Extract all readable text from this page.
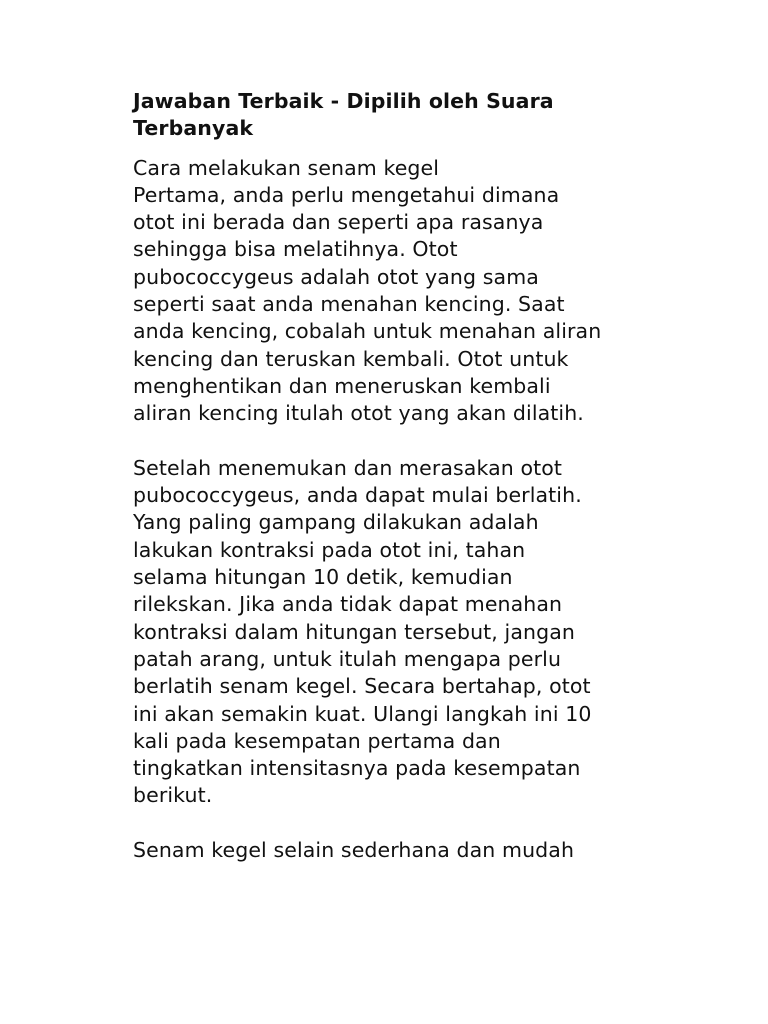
Jawaban Terbaik - Dipilih oleh Suara
Terbanyak
Cara melakukan senam kegel
Pertama, anda perlu mengetahui dimana
otot ini berada dan seperti apa rasanya
sehingga bisa melatihnya. Otot
pubococcygeus adalah otot yang sama
seperti saat anda menahan kencing. Saat
anda kencing, cobalah untuk menahan aliran
kencing dan teruskan kembali. Otot untuk
menghentikan dan meneruskan kembali
aliran kencing itulah otot yang akan dilatih.
Setelah menemukan dan merasakan otot
pubococcygeus, anda dapat mulai berlatih.
Yang paling gampang dilakukan adalah
lakukan kontraksi pada otot ini, tahan
selama hitungan 10 detik, kemudian
rilekskan. Jika anda tidak dapat menahan
kontraksi dalam hitungan tersebut, jangan
patah arang, untuk itulah mengapa perlu
berlatih senam kegel. Secara bertahap, otot
ini akan semakin kuat. Ulangi langkah ini 10
kali pada kesempatan pertama dan
tingkatkan intensitasnya pada kesempatan
berikut.
Senam kegel selain sederhana dan mudah
